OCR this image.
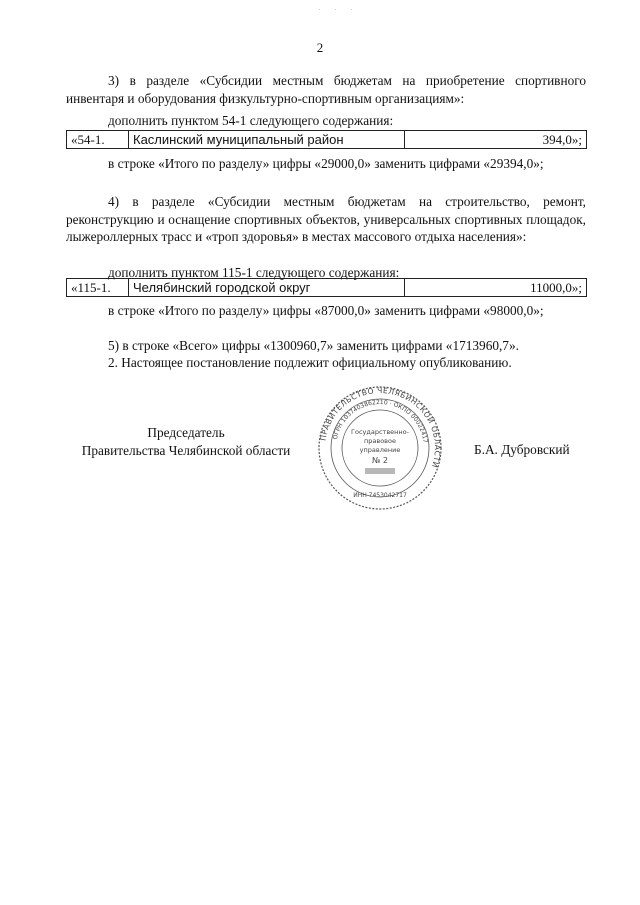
· · ·
2
3) в разделе «Субсидии местным бюджетам на приобретение спортивного инвентаря и оборудования физкультурно-спортивным организациям»:
дополнить пунктом 54-1 следующего содержания:
«54-1.	Каслинский муниципальный район	394,0»;
в строке «Итого по разделу» цифры «29000,0» заменить цифрами «29394,0»;
4) в разделе «Субсидии местным бюджетам на строительство, ремонт, реконструкцию и оснащение спортивных объектов, универсальных спортивных площадок, лыжероллерных трасс и «троп здоровья» в местах массового отдыха населения»:
дополнить пунктом 115-1 следующего содержания:
«115-1.	Челябинский городской округ	11000,0»;
в строке «Итого по разделу» цифры «87000,0» заменить цифрами «98000,0»;
5) в строке «Всего» цифры «1300960,7» заменить цифрами «1713960,7».
2. Настоящее постановление подлежит официальному опубликованию.
Председатель
Правительства Челябинской области
ПРАВИТЕЛЬСТВО ЧЕЛЯБИНСКОЙ ОБЛАСТИ
ОГРН 1037403862210 · ОКПО 00022417
ИНН 7453042717
Государственно-
правовое
управление
№ 2
Б.А. Дубровский
